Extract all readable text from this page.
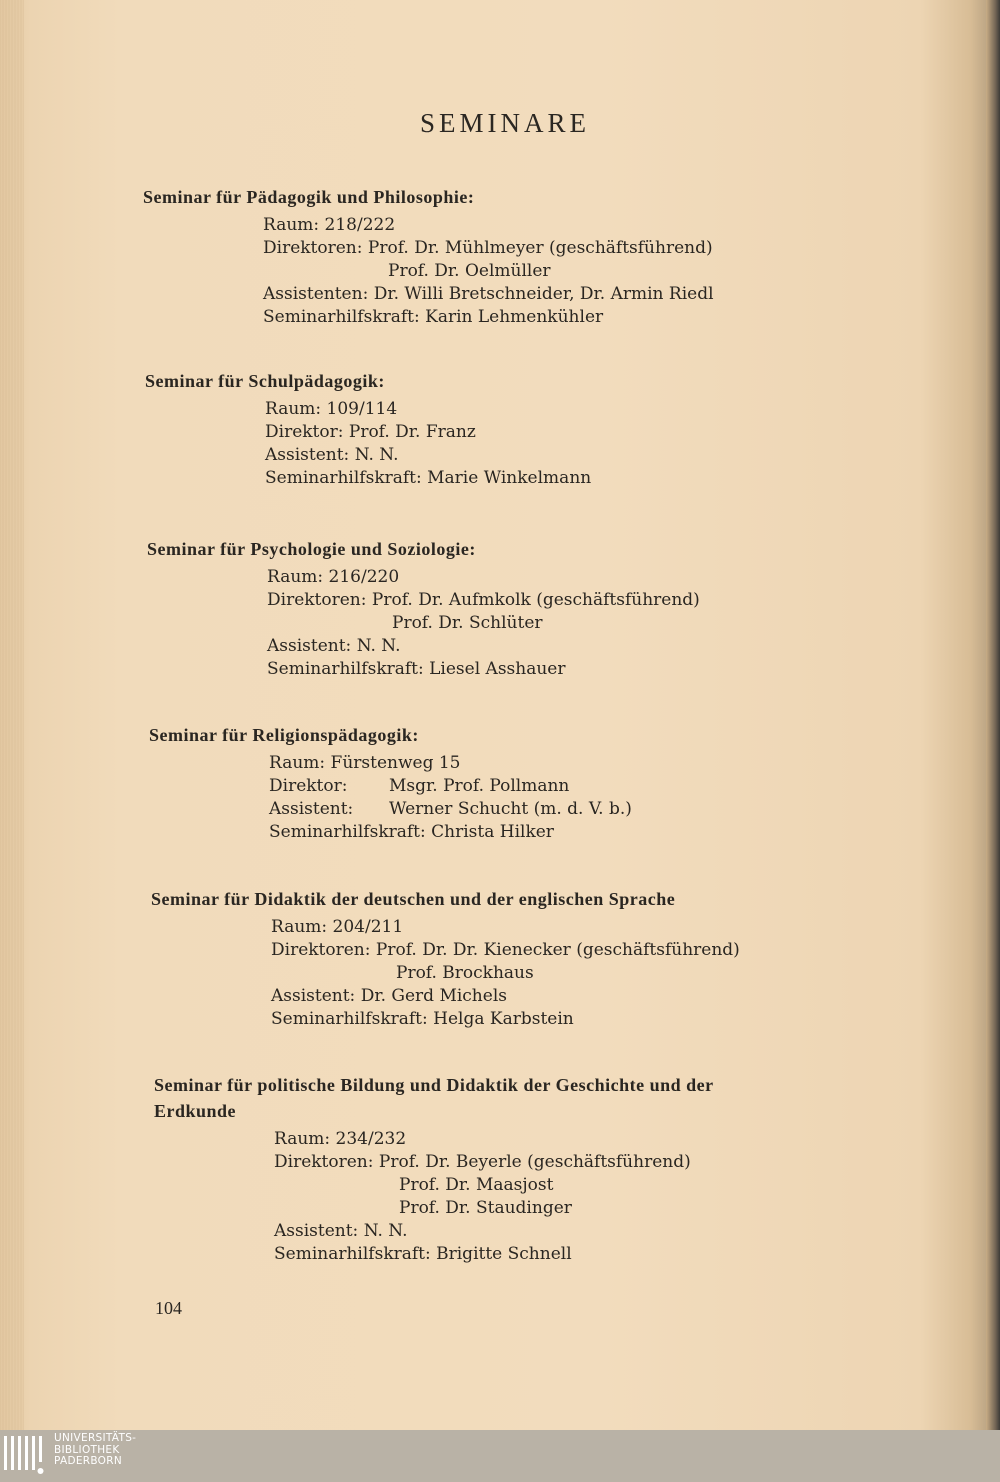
SEMINARE

Seminar für Pädagogik und Philosophie:

Raum: 218/222

Direktoren: Prof. Dr. Mühlmeyer (geschäftsführend)

Prof. Dr. Oelmüller

Assistenten: Dr. Willi Bretschneider, Dr. Armin Riedl

Seminarhilfskraft: Karin Lehmenkühler

Seminar für Schulpädagogik:

Raum: 109/114

Direktor: Prof. Dr. Franz

Assistent: N. N.

Seminarhilfskraft: Marie Winkelmann

Seminar für Psychologie und Soziologie:

Raum: 216/220

Direktoren: Prof. Dr. Aufmkolk (geschäftsführend)

Prof. Dr. Schlüter

Assistent: N. N.

Seminarhilfskraft: Liesel Asshauer

Seminar für Religionspädagogik:

Raum: Fürstenweg 15

Direktor: Msgr. Prof. Pollmann

Assistent: Werner Schucht (m. d. V. b.)

Seminarhilfskraft: Christa Hilker

Seminar für Didaktik der deutschen und der englischen Sprache

Raum: 204/211

Direktoren: Prof. Dr. Dr. Kienecker (geschäftsführend)

Prof. Brockhaus

Assistent: Dr. Gerd Michels

Seminarhilfskraft: Helga Karbstein

Seminar für politische Bildung und Didaktik der Geschichte und der

Erdkunde

Raum: 234/232

Direktoren: Prof. Dr. Beyerle (geschäftsführend)

Prof. Dr. Maasjost

Prof. Dr. Staudinger

Assistent: N. N.

Seminarhilfskraft: Brigitte Schnell

104
UNIVERSITÄTS-
BIBLIOTHEK
PADERBORN
